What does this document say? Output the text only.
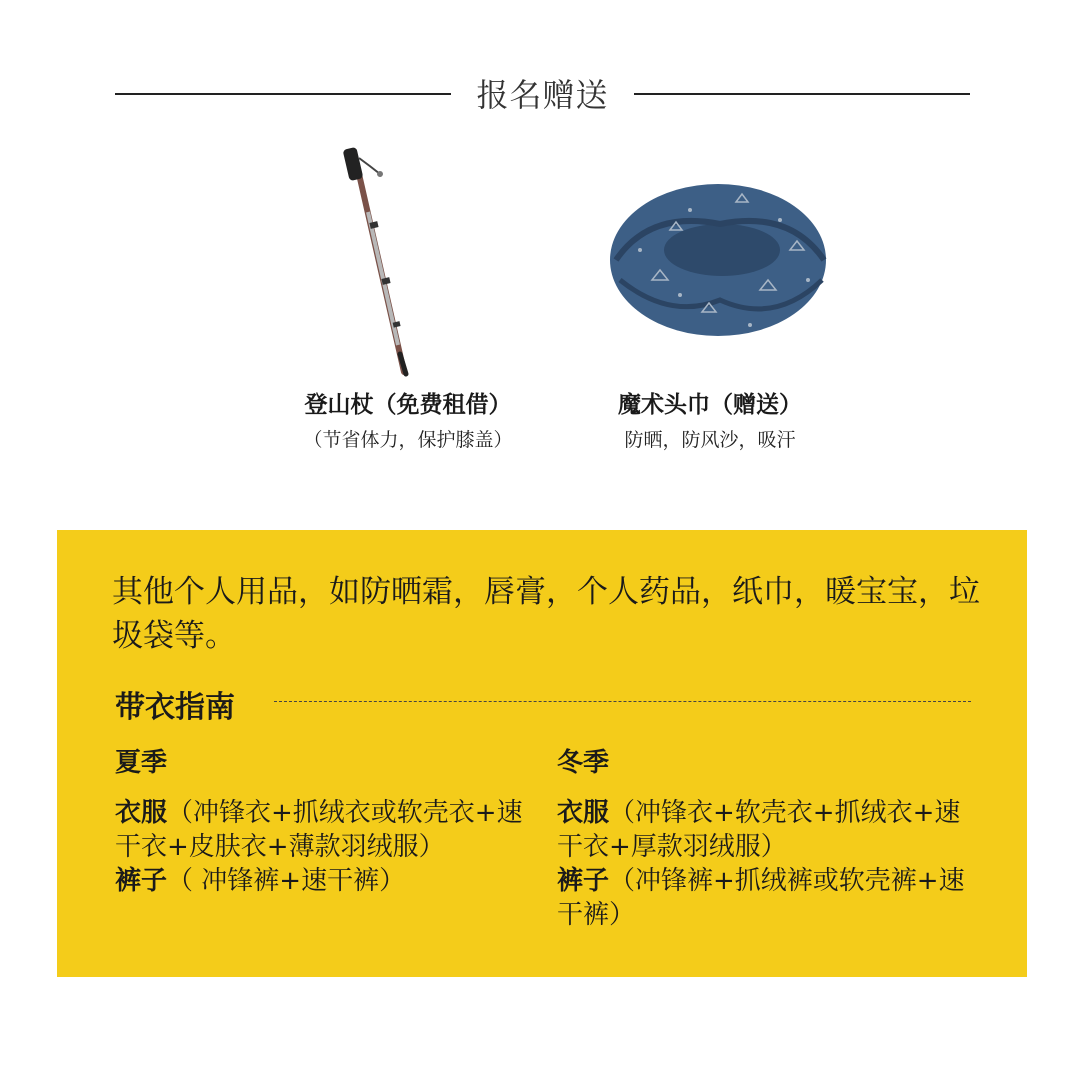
报名赠送
登山杖（免费租借）
（节省体力，保护膝盖）
魔术头巾（赠送）
防晒，防风沙，吸汗
其他个人用品，如防晒霜，唇膏，个人药品，纸巾，暖宝宝，垃圾袋等。
带衣指南
夏季
衣服（冲锋衣+抓绒衣或软壳衣+速干衣+皮肤衣+薄款羽绒服）
裤子（ 冲锋裤+速干裤）
冬季
衣服（冲锋衣+软壳衣+抓绒衣+速干衣+厚款羽绒服）
裤子（冲锋裤+抓绒裤或软壳裤+速干裤）
